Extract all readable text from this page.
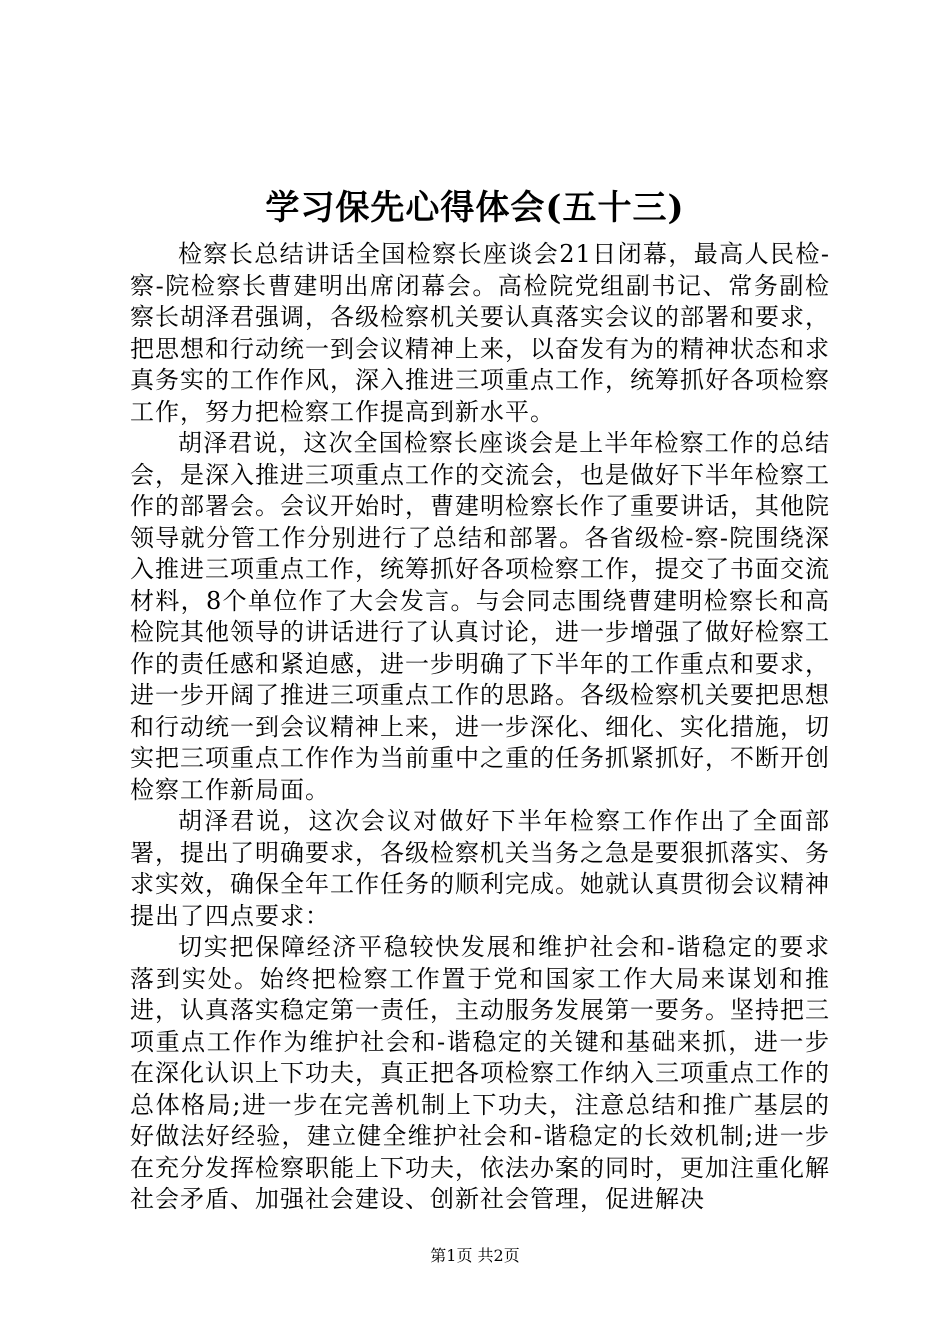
学习保先心得体会(五十三)

检察长总结讲话全国检察长座谈会21日闭幕，最高人民检-察-院检察长曹建明出席闭幕会。高检院党组副书记、常务副检察长胡泽君强调，各级检察机关要认真落实会议的部署和要求，把思想和行动统一到会议精神上来，以奋发有为的精神状态和求真务实的工作作风，深入推进三项重点工作，统筹抓好各项检察工作，努力把检察工作提高到新水平。

胡泽君说，这次全国检察长座谈会是上半年检察工作的总结会，是深入推进三项重点工作的交流会，也是做好下半年检察工作的部署会。会议开始时，曹建明检察长作了重要讲话，其他院领导就分管工作分别进行了总结和部署。各省级检-察-院围绕深入推进三项重点工作，统筹抓好各项检察工作，提交了书面交流材料，8个单位作了大会发言。与会同志围绕曹建明检察长和高检院其他领导的讲话进行了认真讨论，进一步增强了做好检察工作的责任感和紧迫感，进一步明确了下半年的工作重点和要求，进一步开阔了推进三项重点工作的思路。各级检察机关要把思想和行动统一到会议精神上来，进一步深化、细化、实化措施，切实把三项重点工作作为当前重中之重的任务抓紧抓好，不断开创检察工作新局面。

胡泽君说，这次会议对做好下半年检察工作作出了全面部署，提出了明确要求，各级检察机关当务之急是要狠抓落实、务求实效，确保全年工作任务的顺利完成。她就认真贯彻会议精神提出了四点要求：

切实把保障经济平稳较快发展和维护社会和-谐稳定的要求落到实处。始终把检察工作置于党和国家工作大局来谋划和推进，认真落实稳定第一责任，主动服务发展第一要务。坚持把三项重点工作作为维护社会和-谐稳定的关键和基础来抓，进一步在深化认识上下功夫，真正把各项检察工作纳入三项重点工作的总体格局;进一步在完善机制上下功夫，注意总结和推广基层的好做法好经验，建立健全维护社会和-谐稳定的长效机制;进一步在充分发挥检察职能上下功夫，依法办案的同时，更加注重化解社会矛盾、加强社会建设、创新社会管理，促进解决

第1页 共2页
